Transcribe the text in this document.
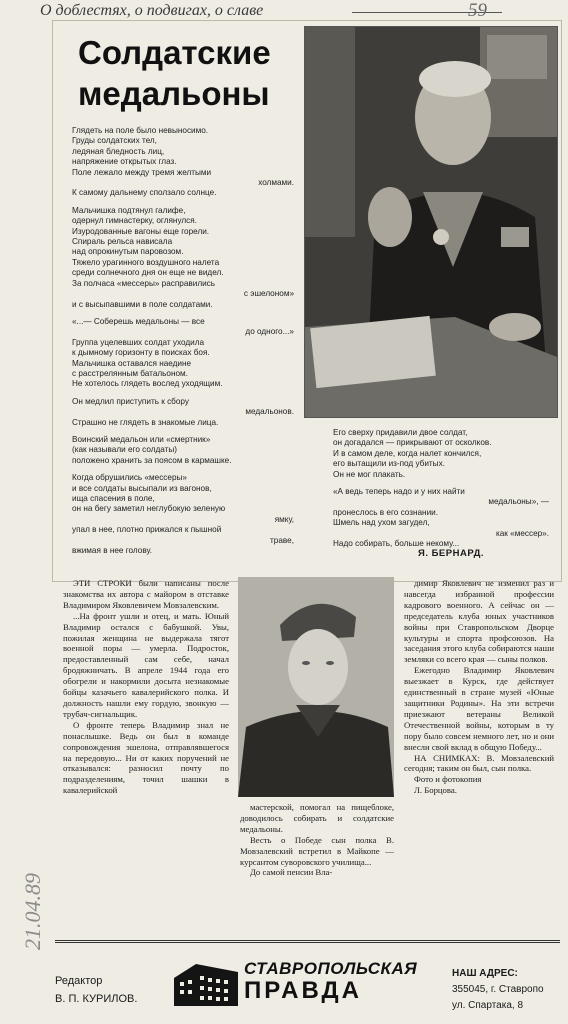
О доблестях, о подвигах, о славе	59
Солдатские
медальоны
Глядеть на поле было невыносимо.
Груды солдатских тел,
ледяная бледность лиц,
напряжение открытых глаз.
Поле лежало между тремя желтыми
холмами.
К самому дальнему сползало солнце.
Мальчишка подтянул галифе,
одернул гимнастерку, оглянулся.
Изуродованные вагоны еще горели.
Спираль рельса нависала
над опрокинутым паровозом.
Тяжело урагинного воздушного налета
среди солнечного дня он еще не видел.
За полчаса «мессеры» расправились
с эшелоном»
и с высыпавшими в поле солдатами.
«...— Соберешь медальоны — все
до одного...»
Группа уцелевших солдат уходила
к дымному горизонту в поисках боя.
Мальчишка оставался наедине
с расстрелянным батальоном.
Не хотелось глядеть вослед уходящим.
Он медлил приступить к сбору
медальонов.
Страшно не глядеть в знакомые лица.
Воинский медальон или «смертник»
(как называли его солдаты)
положено хранить за поясом в кармашке.
Когда обрушились «мессеры»
и все солдаты высыпали из вагонов,
ища спасения в поле,
он на бегу заметил неглубокую зеленую
ямку,
упал в нее, плотно прижался к пышной
траве,
вжимая в нее голову.
Его сверху придавили двое солдат,
он догадался — прикрывают от осколков.
И в самом деле, когда налет кончился,
его вытащили из-под убитых.
Он не мог плакать.
«А ведь теперь надо и у них найти
медальоны», —
пронеслось в его сознании.
Шмель над ухом загудел,
как «мессер».
Надо собирать, больше некому...
Я. БЕРНАРД.

ЭТИ СТРОКИ были написаны после знакомства их автора с майором в отставке Владимиром Яковлевичем Мовзалевским.

...На фронт ушли и отец, и мать. Юный Владимир остался с бабушкой. Увы, пожилая женщина не выдержала тягот военной поры — умерла. Подросток, предоставленный сам себе, начал бродяжничать. В апреле 1944 года его обогрели и накормили досыта незнакомые бойцы казачьего кавалерийского полка. И должность нашли ему гордую, звонкую — трубач-сигнальщик.

О фронте теперь Владимир знал не понаслышке. Ведь он был в команде сопровождения эшелона, отправлявшегося на передовую... Ни от каких поручений не отказывался: разносил почту по подразделениям, точил шашки в кавалерийской

мастерской, помогал на пищеблоке, доводилось собирать и солдатские медальоны.

Весть о Победе сын полка В. Мовзалевский встретил в Майкопе — курсантом суворовского училища...

До самой пенсии Вла-

димир Яковлевич не изменил раз и навсегда избранной профессии кадрового военного. А сейчас он — председатель клуба юных участников войны при Ставропольском Дворце культуры и спорта профсоюзов. На заседания этого клуба собираются наши земляки со всего края — сыны полков.

Ежегодно Владимир Яковлевич выезжает в Курск, где действует единственный в стране музей «Юные защитники Родины». На эти встречи приезжают ветераны Великой Отечественной войны, которым в ту пору было совсем немного лет, но и они внесли свой вклад в общую Победу...

НА СНИМКАХ: В. Мовзалевский сегодня; таким он был, сын полка.

Фото и фотокопия

Л. Борцова.

21.04.89
Редактор
В. П. КУРИЛОВ.
СТАВРОПОЛЬСКАЯ
ПРАВДА
НАШ АДРЕС:
355045, г. Ставропо
ул. Спартака, 8
